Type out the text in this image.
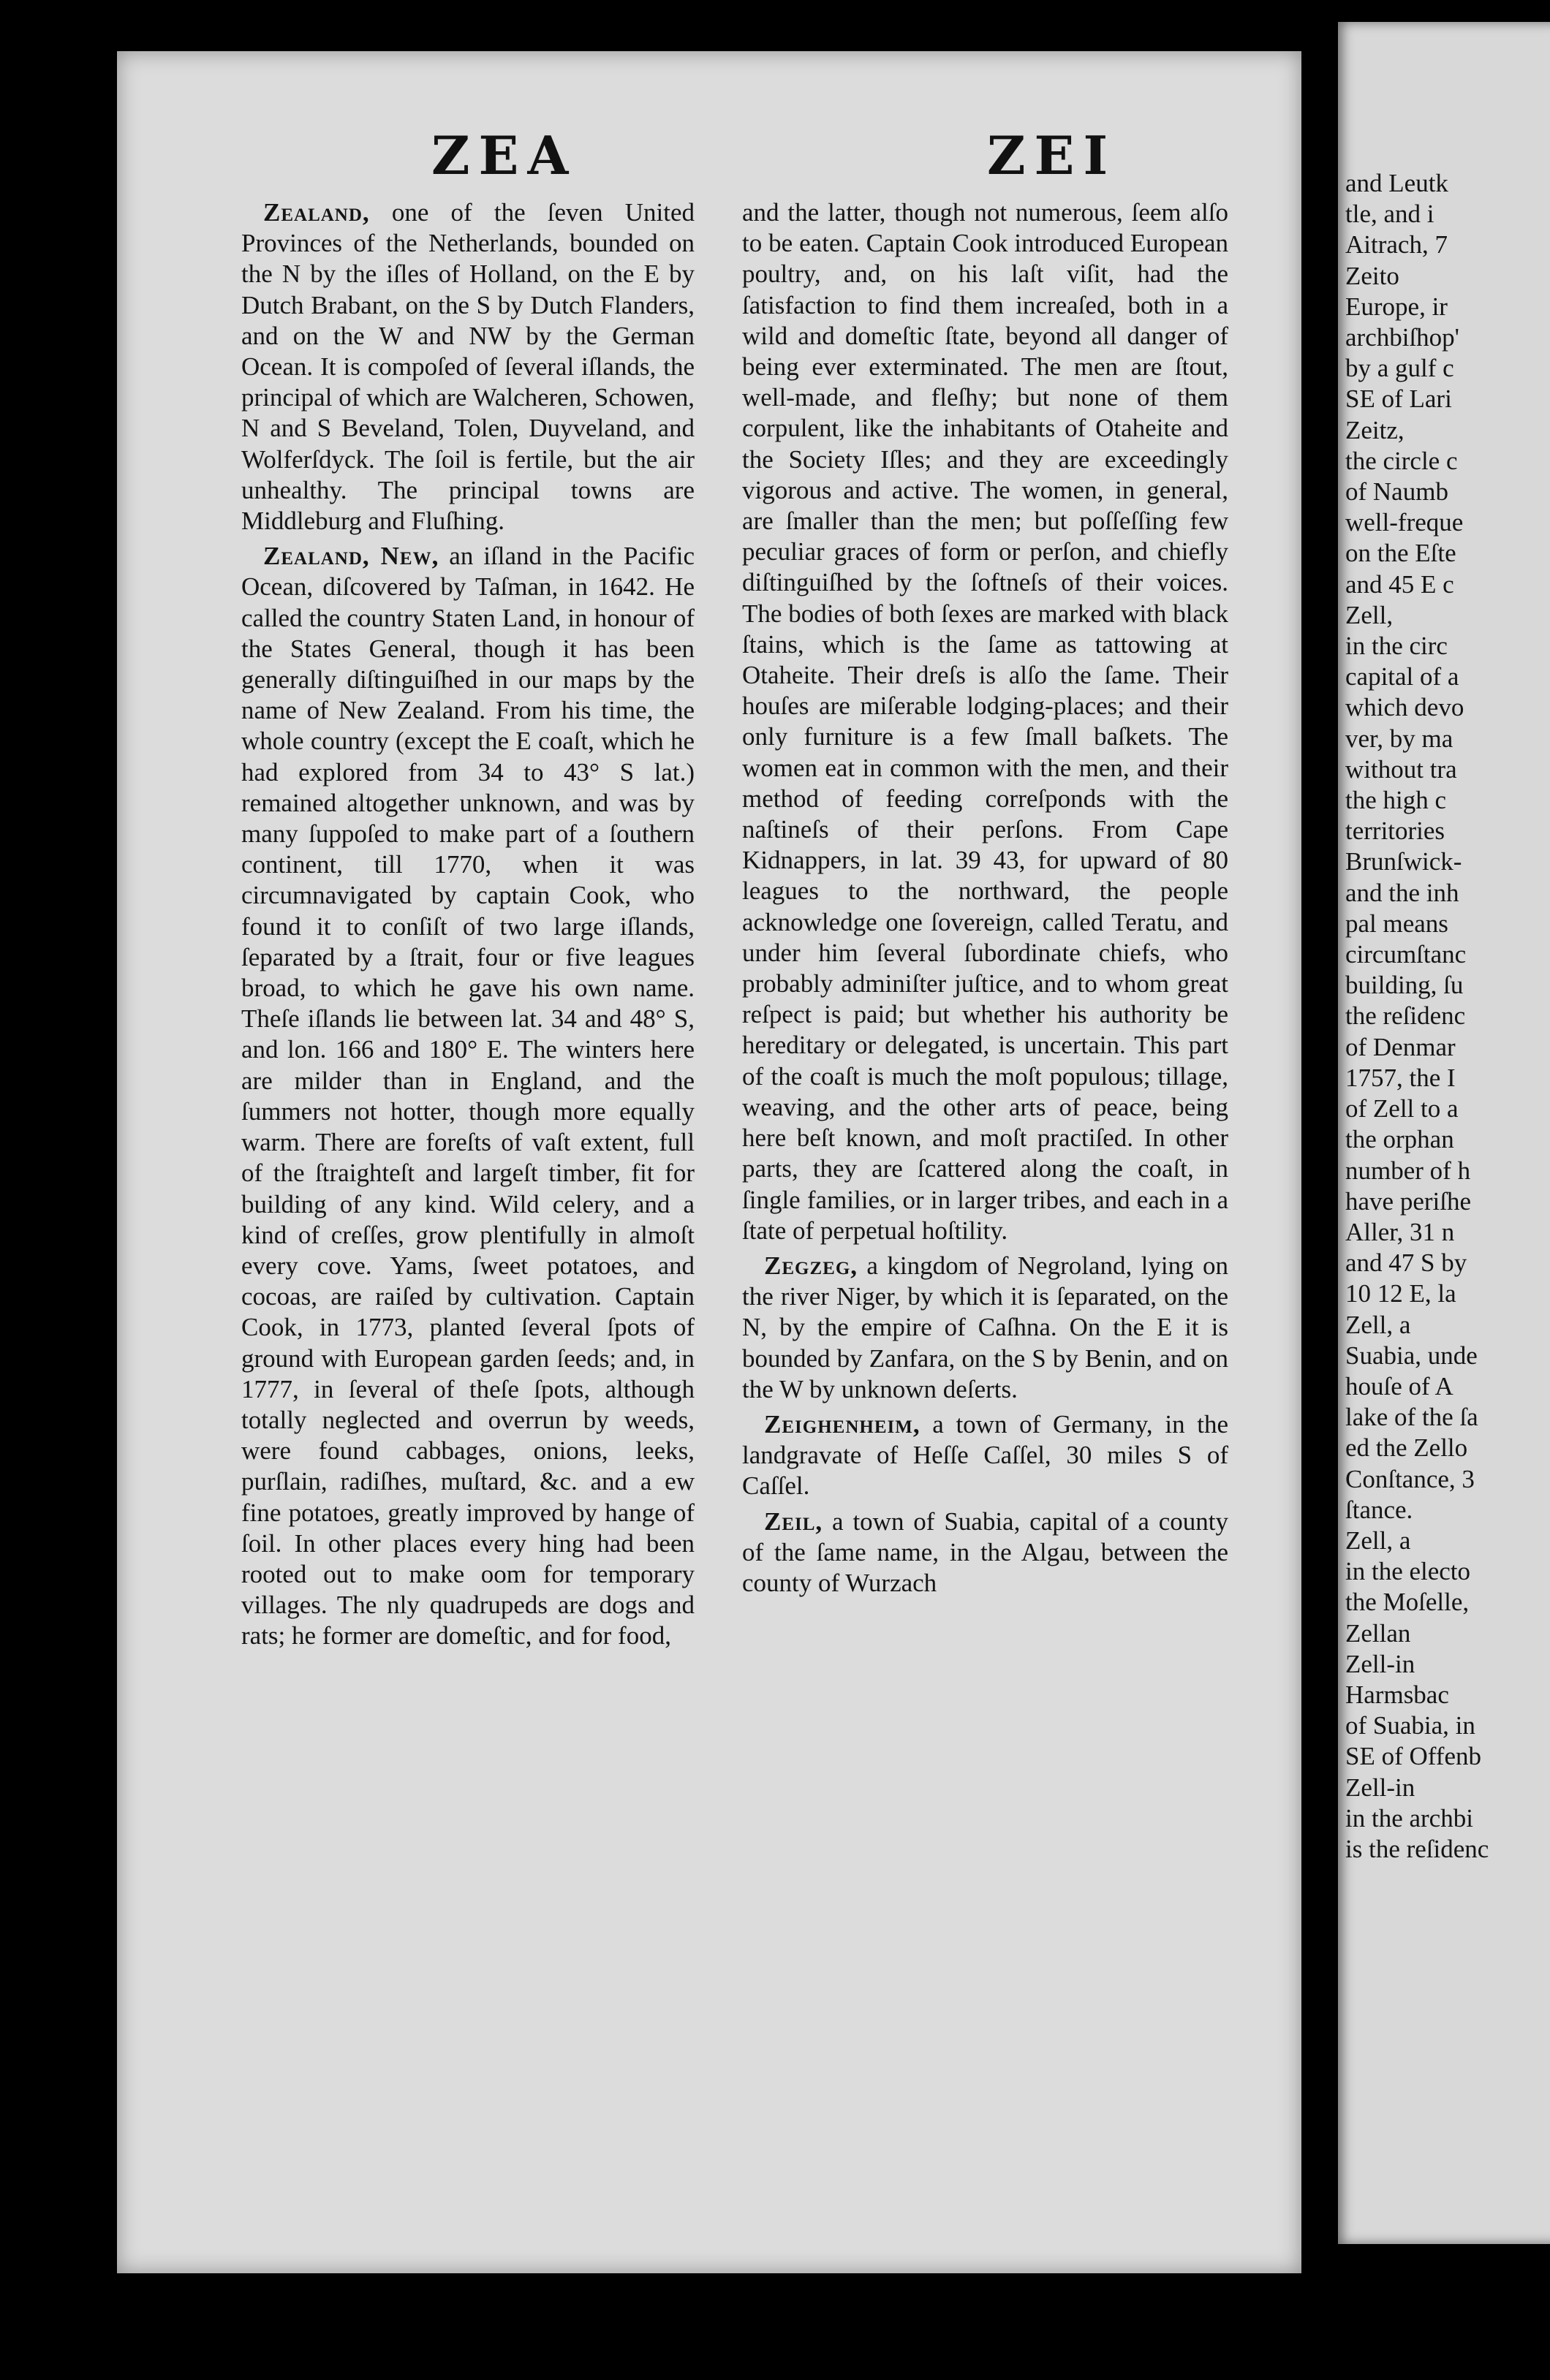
ZEA	ZEI

Zealand, one of the ſeven United Provinces of the Netherlands, bounded on the N by the iſles of Holland, on the E by Dutch Brabant, on the S by Dutch Flanders, and on the W and NW by the German Ocean. It is compoſed of ſeveral iſlands, the principal of which are Walcheren, Schowen, N and S Beveland, Tolen, Duyveland, and Wolferſdyck. The ſoil is fertile, but the air unhealthy. The principal towns are Middleburg and Fluſhing.

Zealand, New, an iſland in the Pacific Ocean, diſcovered by Taſman, in 1642. He called the country Staten Land, in honour of the States General, though it has been generally diſtinguiſhed in our maps by the name of New Zealand. From his time, the whole country (except the E coaſt, which he had explored from 34 to 43° S lat.) remained altogether unknown, and was by many ſuppoſed to make part of a ſouthern continent, till 1770, when it was circumnavigated by captain Cook, who found it to conſiſt of two large iſlands, ſeparated by a ſtrait, four or five leagues broad, to which he gave his own name. Theſe iſlands lie between lat. 34 and 48° S, and lon. 166 and 180° E. The winters here are milder than in England, and the ſummers not hotter, though more equally warm. There are foreſts of vaſt extent, full of the ſtraighteſt and largeſt timber, fit for building of any kind. Wild celery, and a kind of creſſes, grow plentifully in almoſt every cove. Yams, ſweet potatoes, and cocoas, are raiſed by cultivation. Captain Cook, in 1773, planted ſeveral ſpots of ground with European garden ſeeds; and, in 1777, in ſeveral of theſe ſpots, although totally neglected and overrun by weeds, were found cabbages, onions, leeks, purſlain, radiſhes, muſtard, &c. and a ew fine potatoes, greatly improved by hange of ſoil. In other places every hing had been rooted out to make oom for temporary villages. The nly quadrupeds are dogs and rats; he former are domeſtic, and for food,

and the latter, though not numerous, ſeem alſo to be eaten. Captain Cook introduced European poultry, and, on his laſt viſit, had the ſatisfaction to find them increaſed, both in a wild and domeſtic ſtate, beyond all danger of being ever exterminated. The men are ſtout, well-made, and fleſhy; but none of them corpulent, like the inhabitants of Otaheite and the Society Iſles; and they are exceedingly vigorous and active. The women, in general, are ſmaller than the men; but poſſeſſing few peculiar graces of form or perſon, and chiefly diſtinguiſhed by the ſoftneſs of their voices. The bodies of both ſexes are marked with black ſtains, which is the ſame as tattowing at Otaheite. Their dreſs is alſo the ſame. Their houſes are miſerable lodging-places; and their only furniture is a few ſmall baſkets. The women eat in common with the men, and their method of feeding correſponds with the naſtineſs of their perſons. From Cape Kidnappers, in lat. 39 43, for upward of 80 leagues to the northward, the people acknowledge one ſovereign, called Teratu, and under him ſeveral ſubordinate chiefs, who probably adminiſter juſtice, and to whom great reſpect is paid; but whether his authority be hereditary or delegated, is uncertain. This part of the coaſt is much the moſt populous; tillage, weaving, and the other arts of peace, being here beſt known, and moſt practiſed. In other parts, they are ſcattered along the coaſt, in ſingle families, or in larger tribes, and each in a ſtate of perpetual hoſtility.

Zegzeg, a kingdom of Negroland, lying on the river Niger, by which it is ſeparated, on the N, by the empire of Caſhna. On the E it is bounded by Zanfara, on the S by Benin, and on the W by unknown deſerts.

Zeighenheim, a town of Germany, in the landgravate of Heſſe Caſſel, 30 miles S of Caſſel.

Zeil, a town of Suabia, capital of a county of the ſame name, in the Algau, between the county of Wurzach

and Leutk
tle, and i
Aitrach, 7
Zeito
Europe, ir
archbiſhop'
by a gulf c
SE of Lari
Zeitz,
the circle c
of Naumb
well-freque
on the Eſte
and 45 E c
Zell,
in the circ
capital of a
which devo
ver, by ma
without tra
the high c
territories
Brunſwick-
and the inh
pal means
circumſtanc
building, ſu
the reſidenc
of Denmar
1757, the I
of Zell to a
the orphan
number of h
have periſhe
Aller, 31 n
and 47 S by
10 12 E, la
Zell, a
Suabia, unde
houſe of A
lake of the ſa
ed the Zello
Conſtance, 3
ſtance.
Zell, a
in the electo
the Moſelle,
Zellan
Zell-in
Harmsbac
of Suabia, in
SE of Offenb
Zell-in
in the archbi
is the reſidenc
